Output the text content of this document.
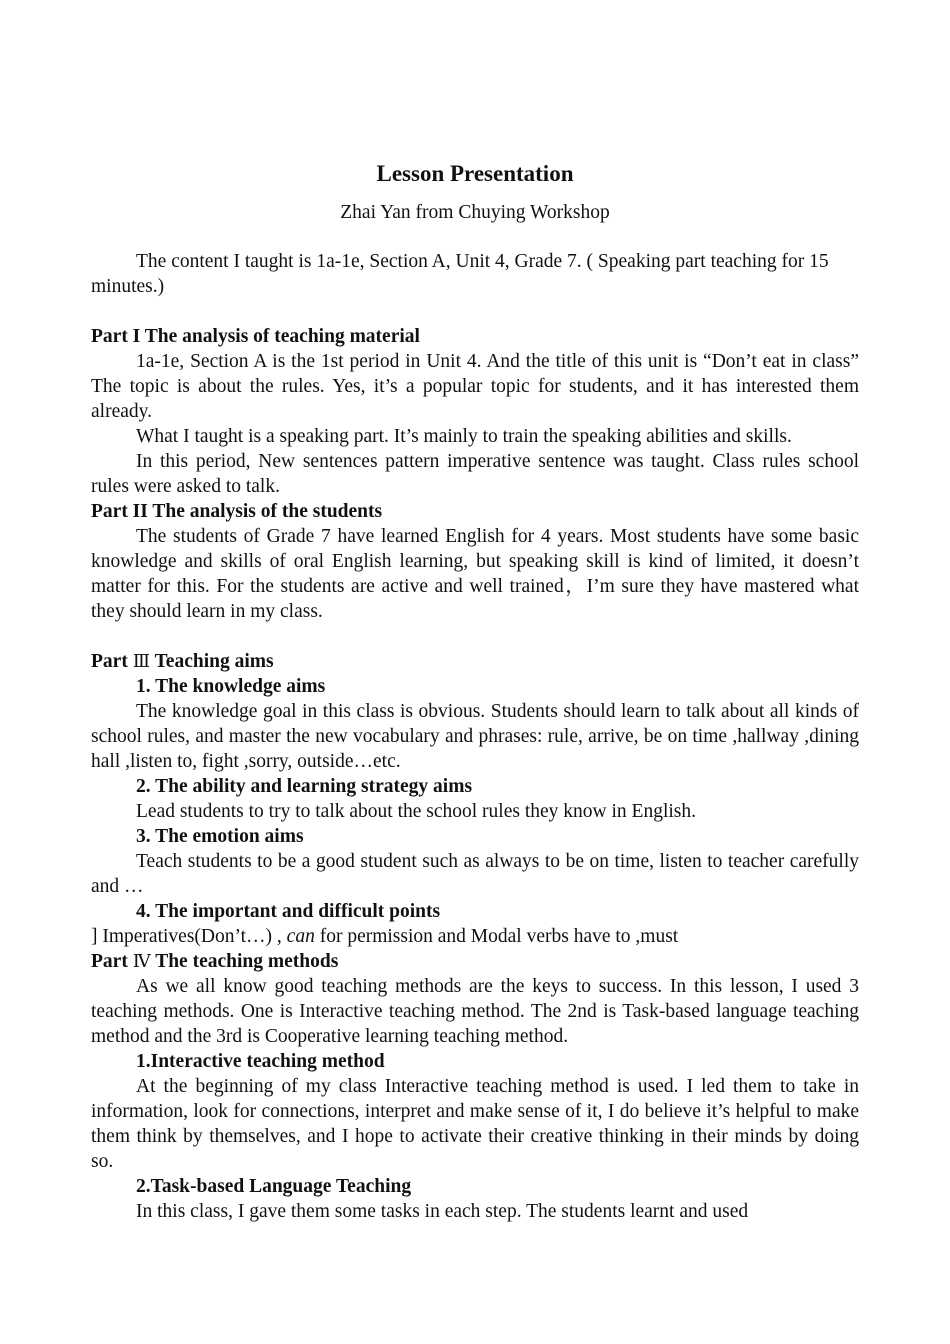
Lesson Presentation
Zhai Yan from Chuying Workshop

The content I taught is 1a-1e, Section A, Unit 4, Grade 7. ( Speaking part teaching for 15 minutes.)

Part I The analysis of teaching material

1a-1e, Section A is the 1st period in Unit 4. And the title of this unit is “Don’t eat in class” The topic is about the rules. Yes, it’s a popular topic for students, and it has interested them already.

What I taught is a speaking part. It’s mainly to train the speaking abilities and skills.

In this period, New sentences pattern imperative sentence was taught. Class rules school rules were asked to talk.

Part II The analysis of the students

The students of Grade 7 have learned English for 4 years. Most students have some basic knowledge and skills of oral English learning, but speaking skill is kind of limited, it doesn’t matter for this. For the students are active and well trained，I’m sure they have mastered what they should learn in my class.

Part Ⅲ Teaching aims

1. The knowledge aims

The knowledge goal in this class is obvious. Students should learn to talk about all kinds of school rules, and master the new vocabulary and phrases: rule, arrive, be on time ,hallway ,dining hall ,listen to, fight ,sorry, outside…etc.

2. The ability and learning strategy aims

Lead students to try to talk about the school rules they know in English.

3. The emotion aims

Teach students to be a good student such as always to be on time, listen to teacher carefully and …

4. The important and difficult points

] Imperatives(Don’t…) , can for permission and Modal verbs have to ,must

Part Ⅳ The teaching methods

As we all know good teaching methods are the keys to success. In this lesson, I used 3 teaching methods. One is Interactive teaching method. The 2nd is Task-based language teaching method and the 3rd is Cooperative learning teaching method.

1.Interactive teaching method

At the beginning of my class Interactive teaching method is used. I led them to take in information, look for connections, interpret and make sense of it, I do believe it’s helpful to make them think by themselves, and I hope to activate their creative thinking in their minds by doing so.

2.Task-based Language Teaching

In this class, I gave them some tasks in each step. The students learnt and used
